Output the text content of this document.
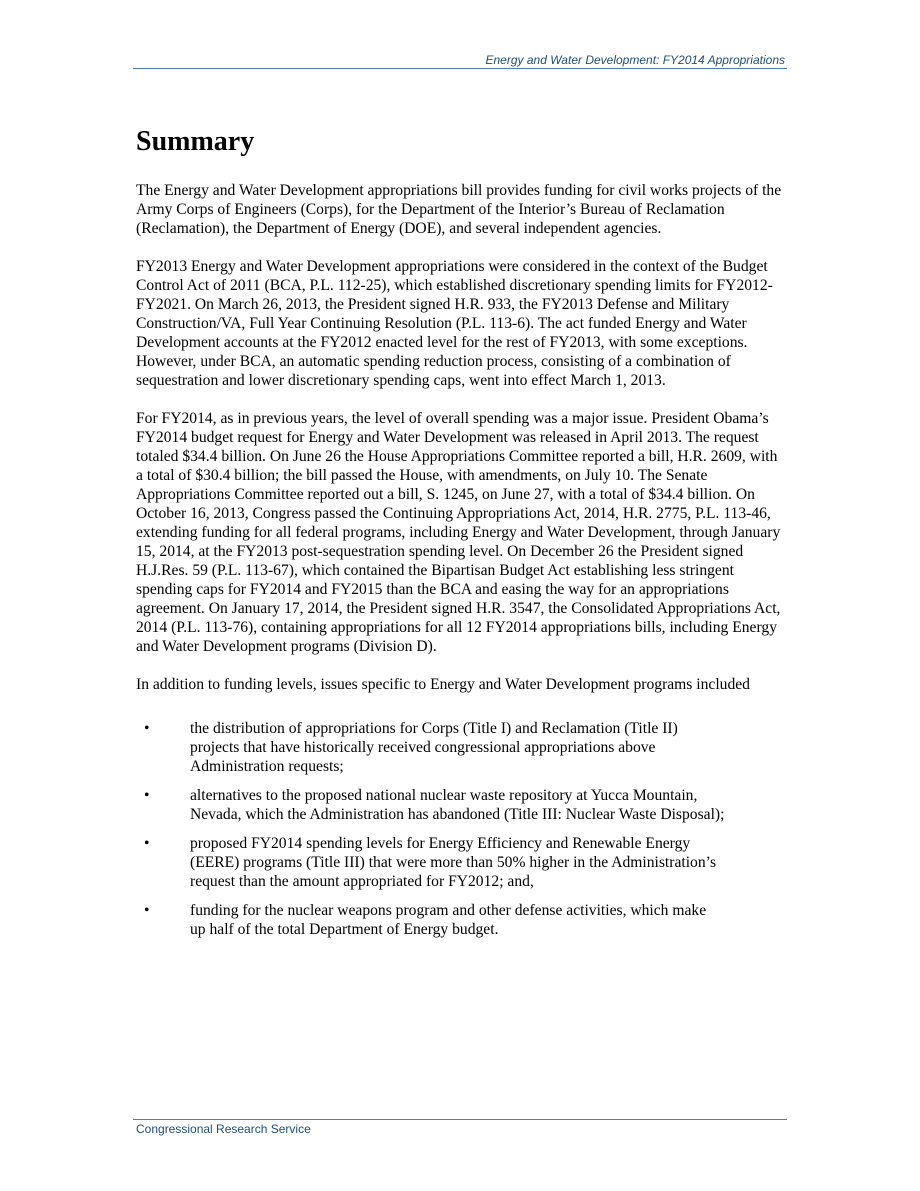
Energy and Water Development: FY2014 Appropriations
Summary

The Energy and Water Development appropriations bill provides funding for civil works projects of the Army Corps of Engineers (Corps), for the Department of the Interior’s Bureau of Reclamation (Reclamation), the Department of Energy (DOE), and several independent agencies.

FY2013 Energy and Water Development appropriations were considered in the context of the Budget Control Act of 2011 (BCA, P.L. 112-25), which established discretionary spending limits for FY2012-FY2021. On March 26, 2013, the President signed H.R. 933, the FY2013 Defense and Military Construction/VA, Full Year Continuing Resolution (P.L. 113-6). The act funded Energy and Water Development accounts at the FY2012 enacted level for the rest of FY2013, with some exceptions. However, under BCA, an automatic spending reduction process, consisting of a combination of sequestration and lower discretionary spending caps, went into effect March 1, 2013.

For FY2014, as in previous years, the level of overall spending was a major issue. President Obama’s FY2014 budget request for Energy and Water Development was released in April 2013. The request totaled $34.4 billion. On June 26 the House Appropriations Committee reported a bill, H.R. 2609, with a total of $30.4 billion; the bill passed the House, with amendments, on July 10. The Senate Appropriations Committee reported out a bill, S. 1245, on June 27, with a total of $34.4 billion. On October 16, 2013, Congress passed the Continuing Appropriations Act, 2014, H.R. 2775, P.L. 113-46, extending funding for all federal programs, including Energy and Water Development, through January 15, 2014, at the FY2013 post-sequestration spending level. On December 26 the President signed H.J.Res. 59 (P.L. 113-67), which contained the Bipartisan Budget Act establishing less stringent spending caps for FY2014 and FY2015 than the BCA and easing the way for an appropriations agreement. On January 17, 2014, the President signed H.R. 3547, the Consolidated Appropriations Act, 2014 (P.L. 113-76), containing appropriations for all 12 FY2014 appropriations bills, including Energy and Water Development programs (Division D).

In addition to funding levels, issues specific to Energy and Water Development programs included

•	the distribution of appropriations for Corps (Title I) and Reclamation (Title II) projects that have historically received congressional appropriations above Administration requests;
•	alternatives to the proposed national nuclear waste repository at Yucca Mountain, Nevada, which the Administration has abandoned (Title III: Nuclear Waste Disposal);
•	proposed FY2014 spending levels for Energy Efficiency and Renewable Energy (EERE) programs (Title III) that were more than 50% higher in the Administration’s request than the amount appropriated for FY2012; and,
•	funding for the nuclear weapons program and other defense activities, which make up half of the total Department of Energy budget.
Congressional Research Service
